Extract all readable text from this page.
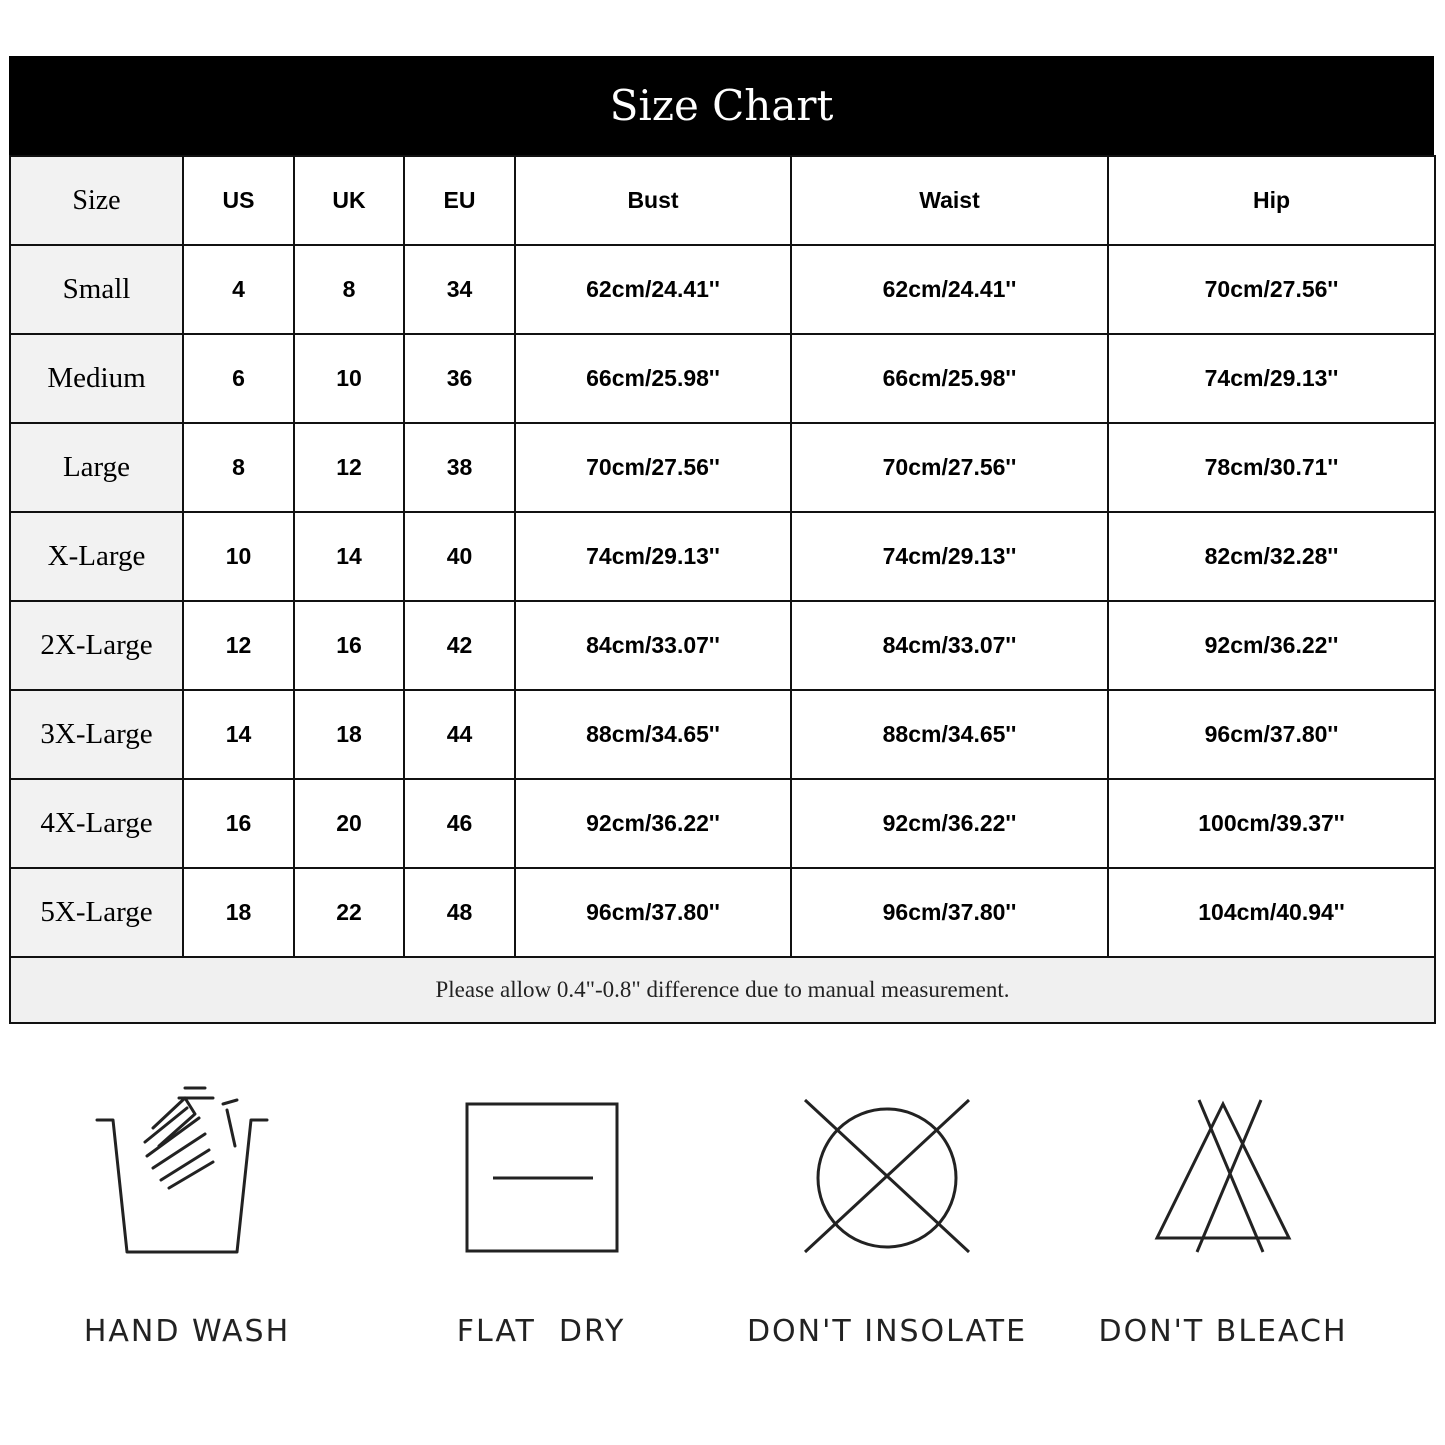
Size Chart
Size	US	UK	EU	Bust	Waist	Hip
Small	4	8	34	62cm/24.41''	62cm/24.41''	70cm/27.56''
Medium	6	10	36	66cm/25.98''	66cm/25.98''	74cm/29.13''
Large	8	12	38	70cm/27.56''	70cm/27.56''	78cm/30.71''
X-Large	10	14	40	74cm/29.13''	74cm/29.13''	82cm/32.28''
2X-Large	12	16	42	84cm/33.07''	84cm/33.07''	92cm/36.22''
3X-Large	14	18	44	88cm/34.65''	88cm/34.65''	96cm/37.80''
4X-Large	16	20	46	92cm/36.22''	92cm/36.22''	100cm/39.37''
5X-Large	18	22	48	96cm/37.80''	96cm/37.80''	104cm/40.94''
Please allow 0.4"-0.8" difference due to manual measurement.						
HAND WASH	FLAT  DRY	DON'T INSOLATE	DON'T BLEACH
